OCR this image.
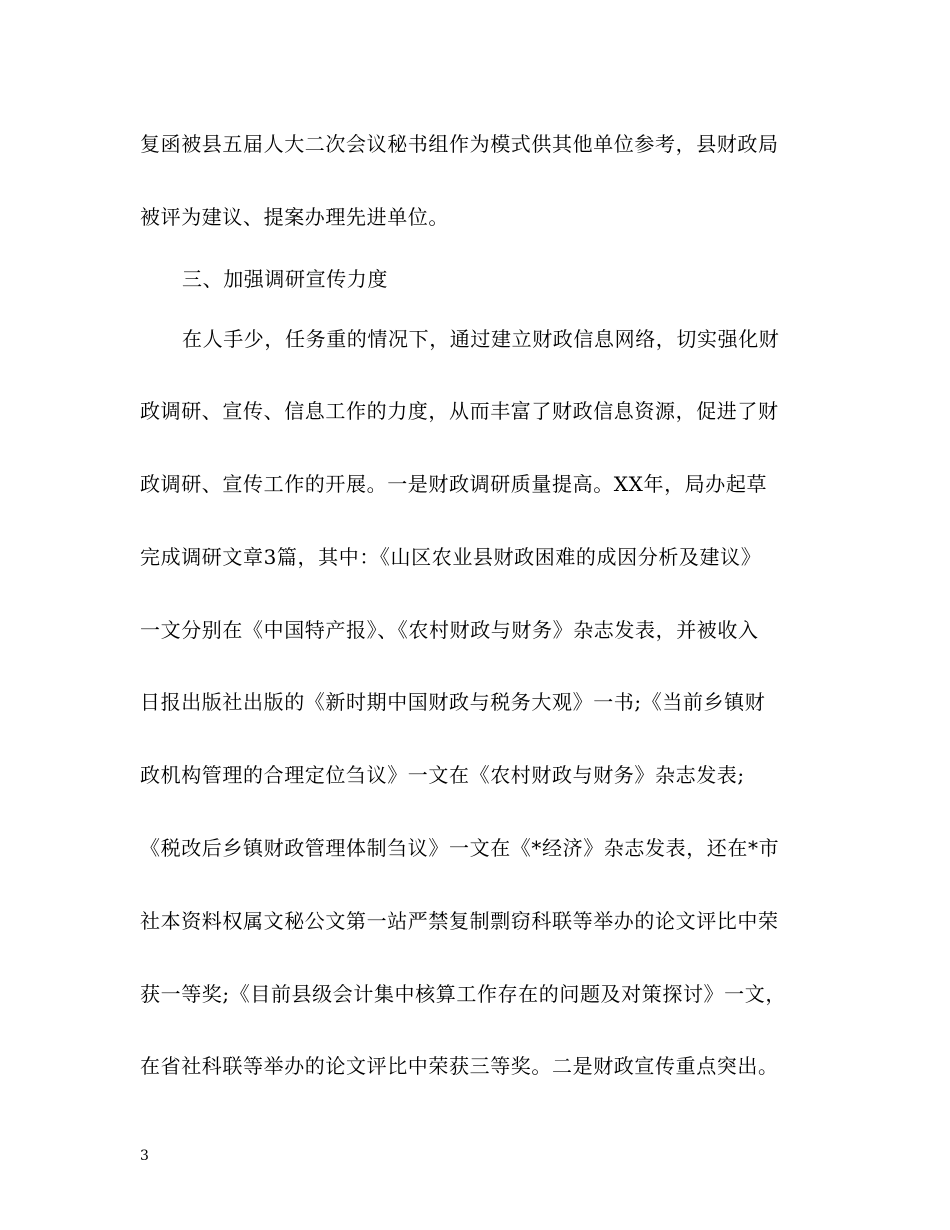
复函被县五届人大二次会议秘书组作为模式供其他单位参考，县财政局
被评为建议、提案办理先进单位。
三、加强调研宣传力度
在人手少，任务重的情况下，通过建立财政信息网络，切实强化财
政调研、宣传、信息工作的力度，从而丰富了财政信息资源，促进了财
政调研、宣传工作的开展。一是财政调研质量提高。XX年，局办起草
完成调研文章3篇，其中：《山区农业县财政困难的成因分析及建议》
一文分别在《中国特产报》、《农村财政与财务》杂志发表，并被收入
日报出版社出版的《新时期中国财政与税务大观》一书;《当前乡镇财
政机构管理的合理定位刍议》一文在《农村财政与财务》杂志发表;
《税改后乡镇财政管理体制刍议》一文在《*经济》杂志发表，还在*市
社本资料权属文秘公文第一站严禁复制剽窃科联等举办的论文评比中荣
获一等奖;《目前县级会计集中核算工作存在的问题及对策探讨》一文，
在省社科联等举办的论文评比中荣获三等奖。二是财政宣传重点突出。
3
